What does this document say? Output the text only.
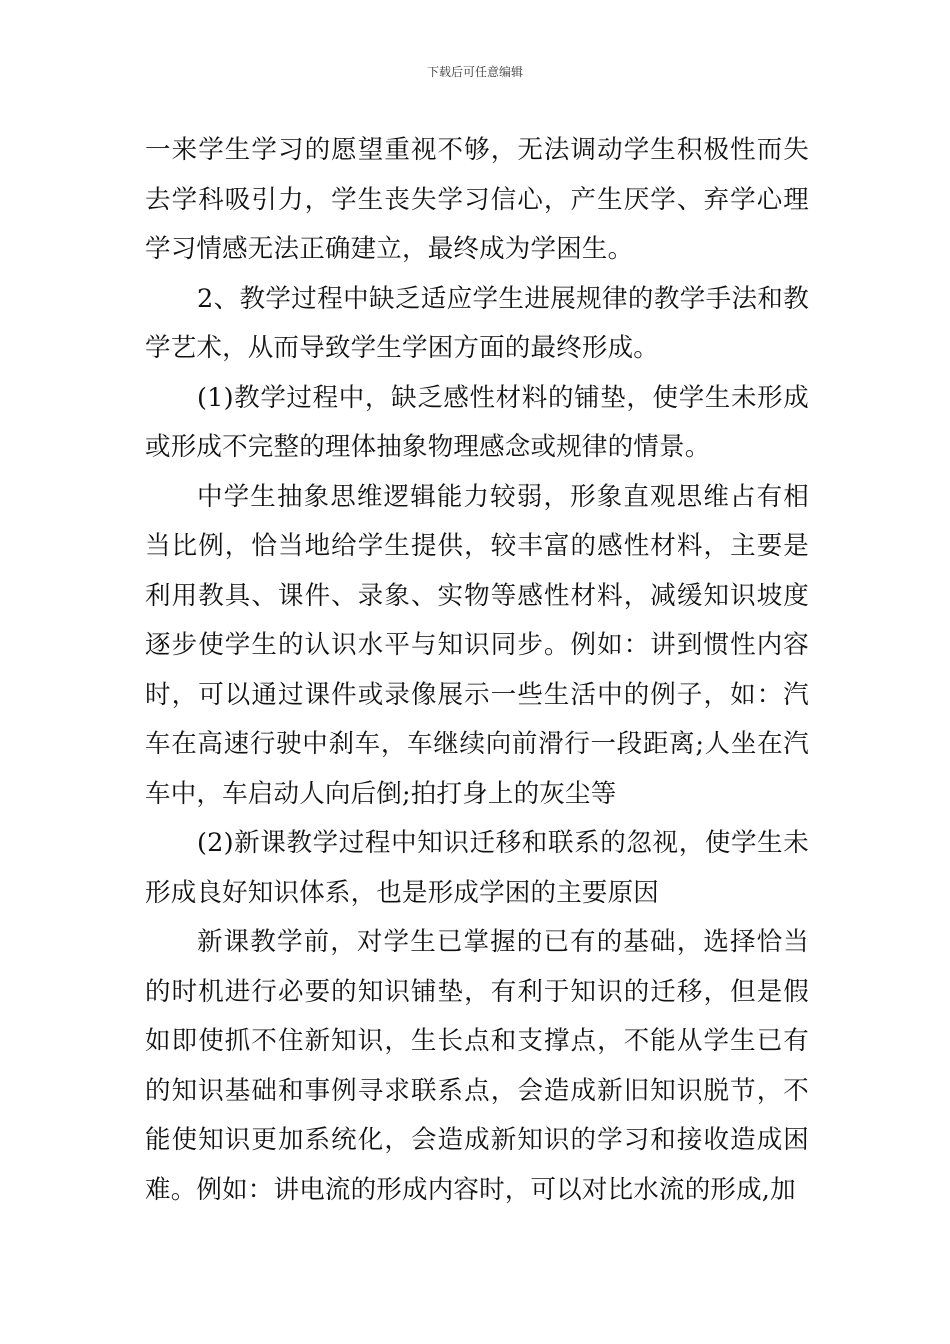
下载后可任意编辑

一来学生学习的愿望重视不够，无法调动学生积极性而失去学科吸引力，学生丧失学习信心，产生厌学、弃学心理学习情感无法正确建立，最终成为学困生。

2、教学过程中缺乏适应学生进展规律的教学手法和教学艺术，从而导致学生学困方面的最终形成。

(1)教学过程中，缺乏感性材料的铺垫，使学生未形成或形成不完整的理体抽象物理感念或规律的情景。

中学生抽象思维逻辑能力较弱，形象直观思维占有相当比例，恰当地给学生提供，较丰富的感性材料，主要是利用教具、课件、录象、实物等感性材料，减缓知识坡度逐步使学生的认识水平与知识同步。例如：讲到惯性内容时，可以通过课件或录像展示一些生活中的例子，如：汽车在高速行驶中刹车，车继续向前滑行一段距离;人坐在汽车中，车启动人向后倒;拍打身上的灰尘等

(2)新课教学过程中知识迁移和联系的忽视，使学生未形成良好知识体系，也是形成学困的主要原因

新课教学前，对学生已掌握的已有的基础，选择恰当的时机进行必要的知识铺垫，有利于知识的迁移，但是假如即使抓不住新知识，生长点和支撑点，不能从学生已有的知识基础和事例寻求联系点，会造成新旧知识脱节，不能使知识更加系统化，会造成新知识的学习和接收造成困难。例如：讲电流的形成内容时，可以对比水流的形成,加
